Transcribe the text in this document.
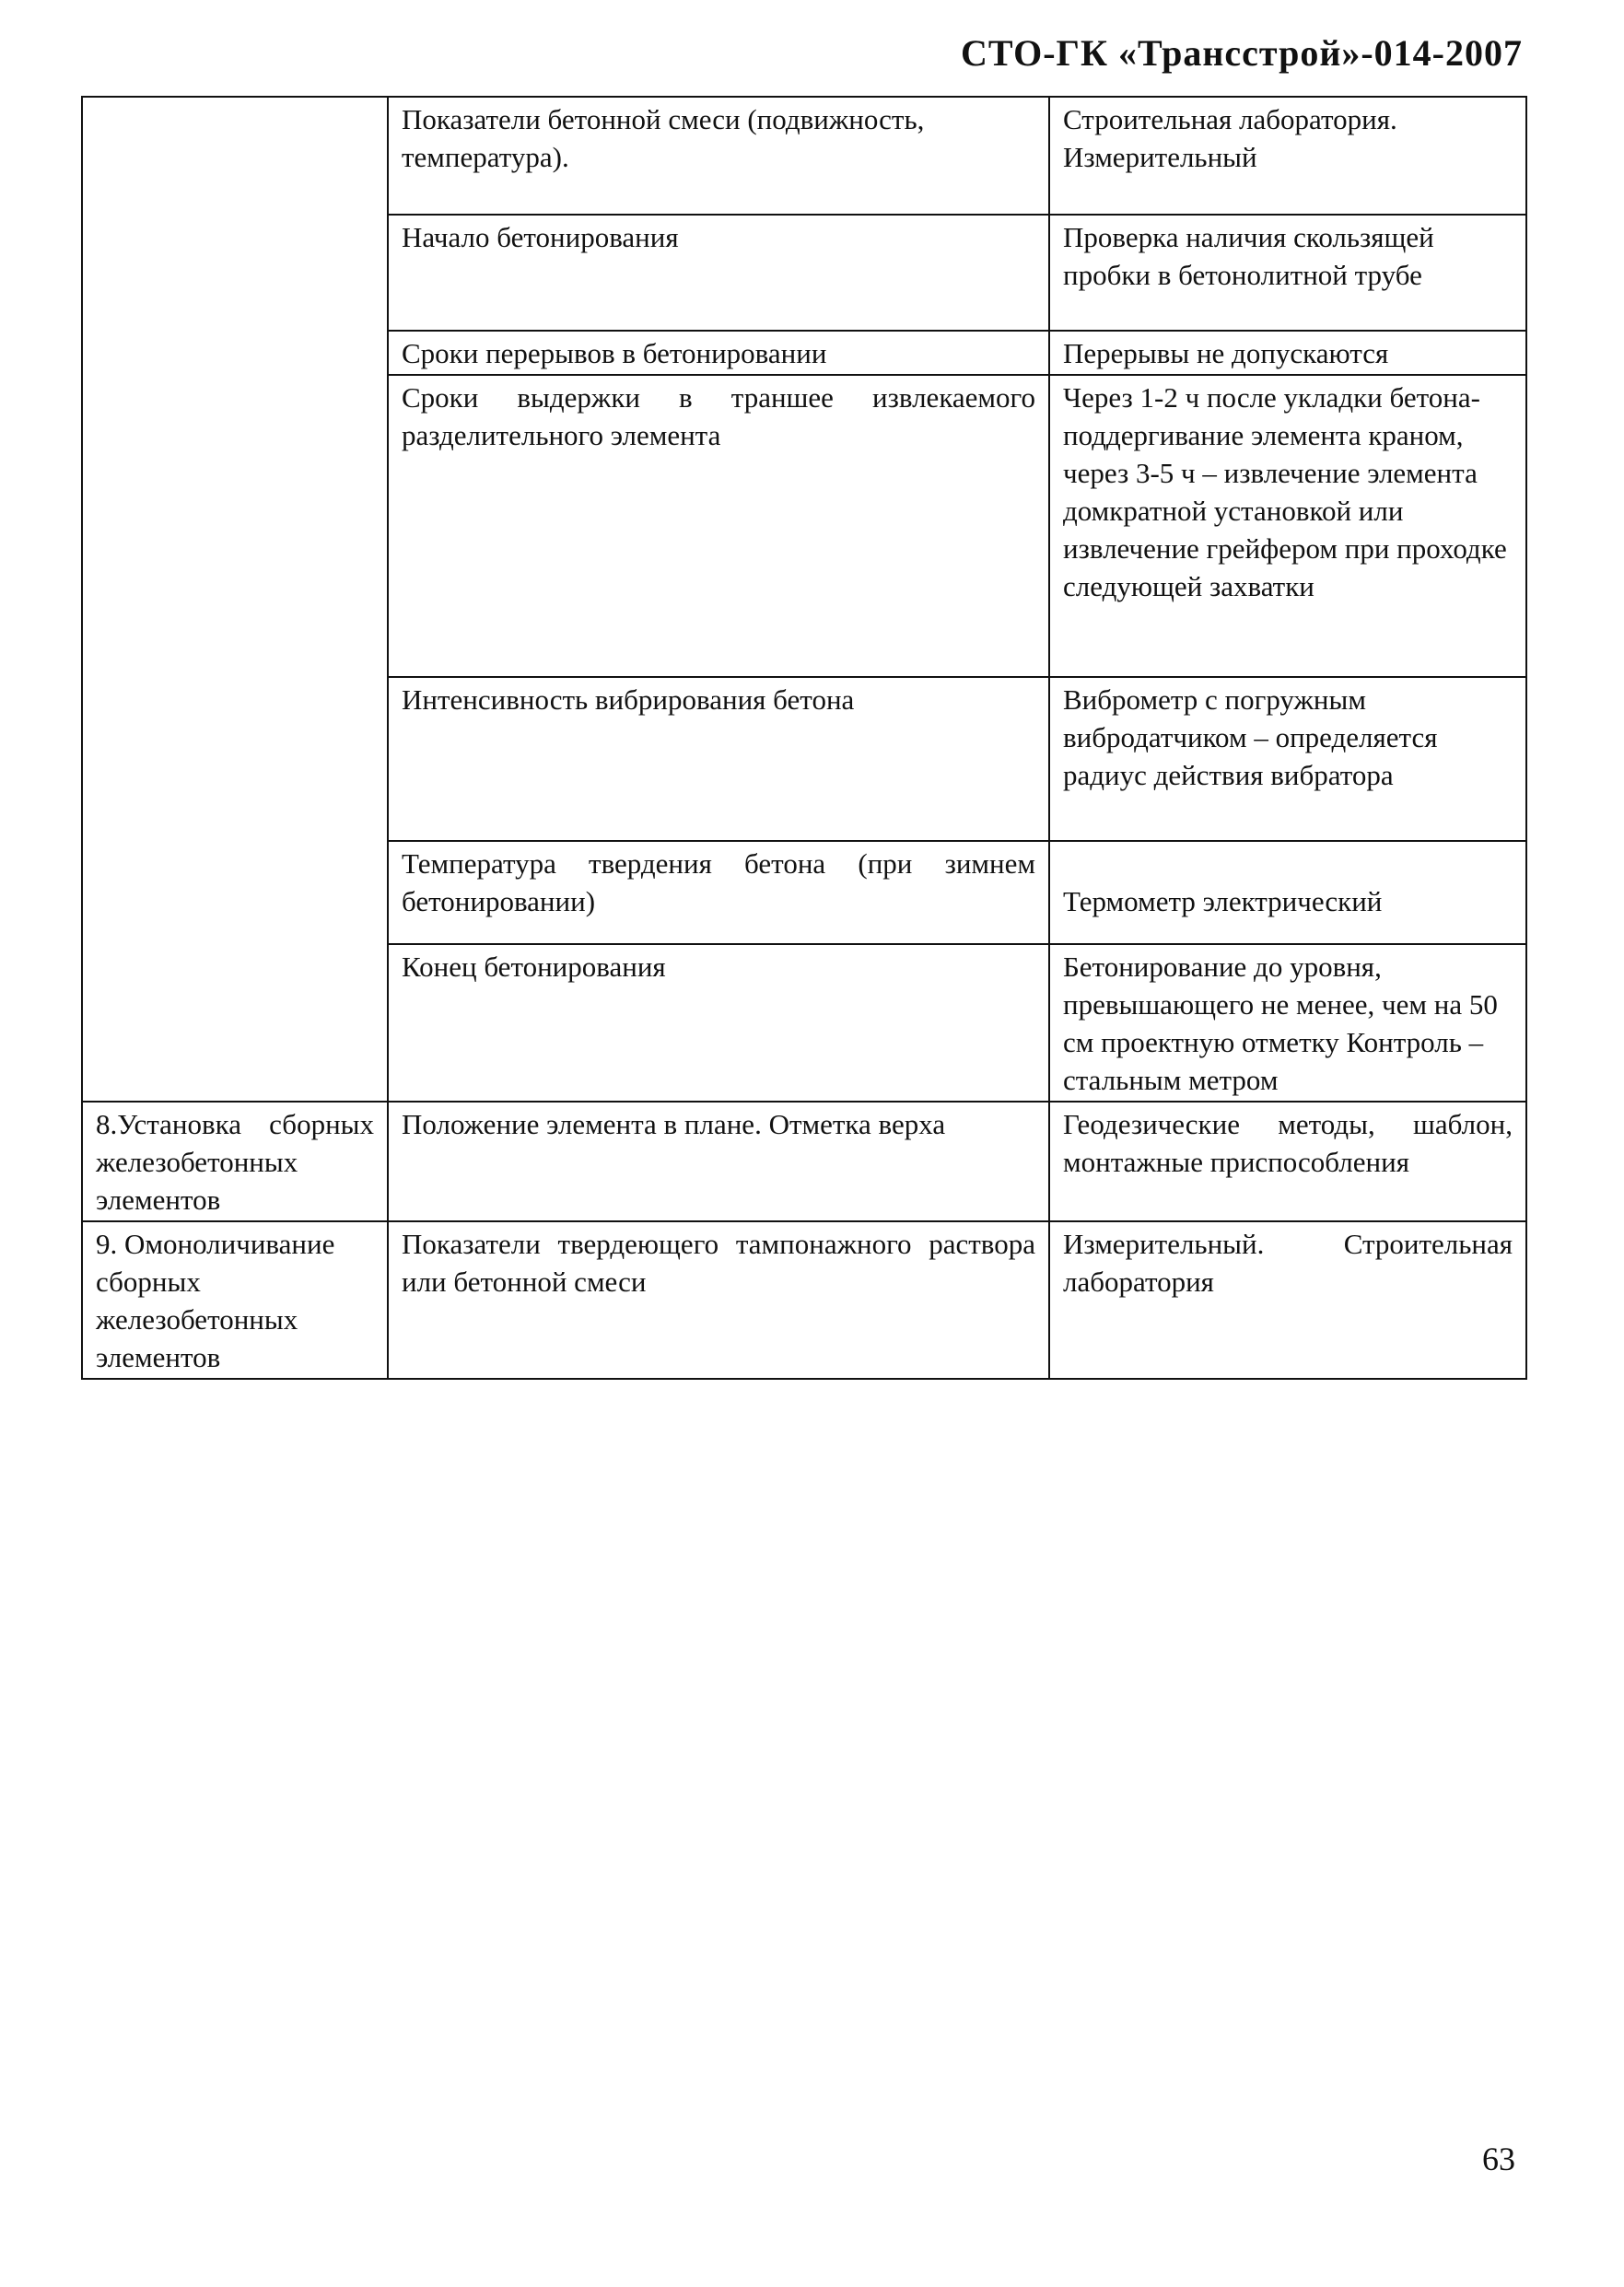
СТО-ГК «Трансстрой»-014-2007
	Показатели бетонной смеси (подвижность, температура).	Строительная лаборатория. Измерительный
	Начало бетонирования	Проверка наличия скользящей пробки в бетонолитной трубе
	Сроки перерывов в бетонировании	Перерывы не допускаются
	Сроки выдержки в траншее извлекаемого разделительного элемента	Через 1-2 ч после укладки бетона-поддергивание элемента краном, через 3-5 ч – извлечение элемента домкратной установкой или извлечение грейфером при проходке следующей захватки
	Интенсивность вибрирования бетона	Виброметр с погружным вибродатчиком – определяется радиус действия вибратора
	Температура твердения бетона (при зимнем бетонировании)	Термометр электрический
	Конец бетонирования	Бетонирование до уровня, превышающего не менее, чем на 50 см проектную отметку Контроль – стальным метром
8.Установка сборных железобетонных элементов	Положение элемента в плане. Отметка верха	Геодезические методы, шаблон, монтажные приспособления
9. Омоноличивание сборных железобетонных элементов	Показатели твердеющего тампонажного раствора или бетонной смеси	Измерительный. Строительная лаборатория
63
